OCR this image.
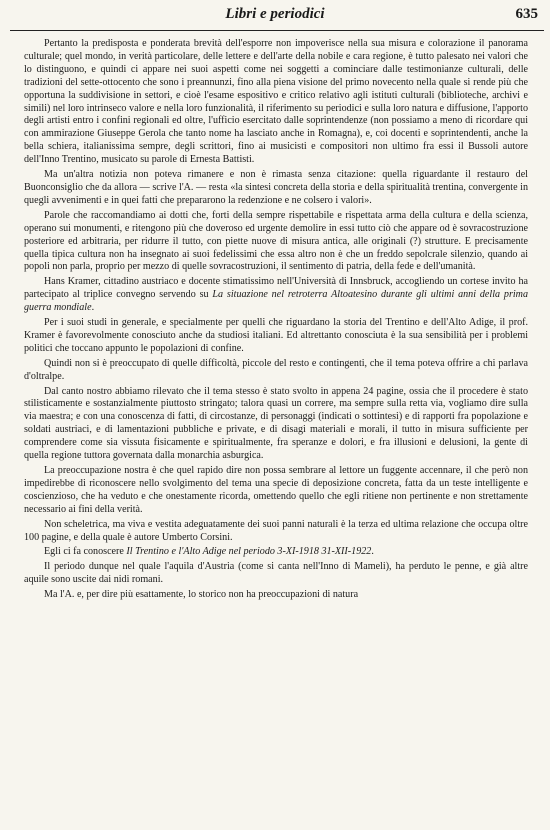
Libri e periodici	635

Pertanto la predisposta e ponderata brevità dell'esporre non impoverisce nella sua misura e colorazione il panorama culturale; quel mondo, in verità particolare, delle lettere e dell'arte della nobile e cara regione, è tutto palesato nei valori che lo distinguono, e quindi ci appare nei suoi aspetti come nei soggetti a cominciare dalle testimonianze culturali, delle tradizioni del sette-ottocento che sono i preannunzi, fino alla piena visione del primo novecento nella quale si rende più che opportuna la suddivisione in settori, e cioè l'esame espositivo e critico relativo agli istituti culturali (biblioteche, archivi e simili) nel loro intrinseco valore e nella loro funzionalità, il riferimento su periodici e sulla loro natura e diffusione, l'apporto degli artisti entro i confini regionali ed oltre, l'ufficio esercitato dalle soprintendenze (non possiamo a meno di ricordare qui con ammirazione Giuseppe Gerola che tanto nome ha lasciato anche in Romagna), e, coi docenti e soprintendenti, anche la bella schiera, italianissima sempre, degli scrittori, fino ai musicisti e compositori non ultimo fra essi il Bussoli autore dell'Inno Trentino, musicato su parole di Ernesta Battisti.

Ma un'altra notizia non poteva rimanere e non è rimasta senza citazione: quella riguardante il restauro del Buonconsiglio che da allora — scrive l'A. — resta «la sintesi concreta della storia e della spiritualità trentina, convergente in quegli avvenimenti e in quei fatti che prepararono la redenzione e ne colsero i valori».

Parole che raccomandiamo ai dotti che, forti della sempre rispettabile e rispettata arma della cultura e della scienza, operano sui monumenti, e ritengono più che doveroso ed urgente demolire in essi tutto ciò che appare od è sovracostruzione posteriore ed arbitraria, per ridurre il tutto, con piette nuove di misura antica, alle originali (?) strutture. E precisamente quella tipica cultura non ha insegnato ai suoi fedelissimi che essa altro non è che un freddo sepolcrale silenzio, quando ai popoli non parla, proprio per mezzo di quelle sovracostruzioni, il sentimento di patria, della fede e dell'umanità.

Hans Kramer, cittadino austriaco e docente stimatissimo nell'Università di Innsbruck, accogliendo un cortese invito ha partecipato al triplice convegno servendo su La situazione nel retroterra Altoatesino durante gli ultimi anni della prima guerra mondiale.

Per i suoi studi in generale, e specialmente per quelli che riguardano la storia del Trentino e dell'Alto Adige, il prof. Kramer è favorevolmente conosciuto anche da studiosi italiani. Ed altrettanto conosciuta è la sua sensibilità per i problemi politici che toccano appunto le popolazioni di confine.

Quindi non si è preoccupato di quelle difficoltà, piccole del resto e contingenti, che il tema poteva offrire a chi parlava d'oltralpe.

Dal canto nostro abbiamo rilevato che il tema stesso è stato svolto in appena 24 pagine, ossia che il procedere è stato stilisticamente e sostanzialmente piuttosto stringato; talora quasi un correre, ma sempre sulla retta via, vogliamo dire sulla via maestra; e con una conoscenza di fatti, di circostanze, di personaggi (indicati o sottintesi) e di rapporti fra popolazione e soldati austriaci, e di lamentazioni pubbliche e private, e di disagi materiali e morali, il tutto in misura sufficiente per comprendere come sia vissuta fisicamente e spiritualmente, fra speranze e dolori, e fra illusioni e delusioni, la gente di quella regione tuttora governata dalla monarchia asburgica.

La preoccupazione nostra è che quel rapido dire non possa sembrare al lettore un fuggente accennare, il che però non impedirebbe di riconoscere nello svolgimento del tema una specie di deposizione concreta, fatta da un teste intelligente e coscienzioso, che ha veduto e che onestamente ricorda, omettendo quello che egli ritiene non pertinente e non strettamente necessario ai fini della verità.

Non scheletrica, ma viva e vestita adeguatamente dei suoi panni naturali è la terza ed ultima relazione che occupa oltre 100 pagine, e della quale è autore Umberto Corsini.

Egli ci fa conoscere Il Trentino e l'Alto Adige nel periodo 3-XI-1918 31-XII-1922.

Il periodo dunque nel quale l'aquila d'Austria (come si canta nell'Inno di Mameli), ha perduto le penne, e già altre aquile sono uscite dai nidi romani.

Ma l'A. e, per dire più esattamente, lo storico non ha preoccupazioni di natura
